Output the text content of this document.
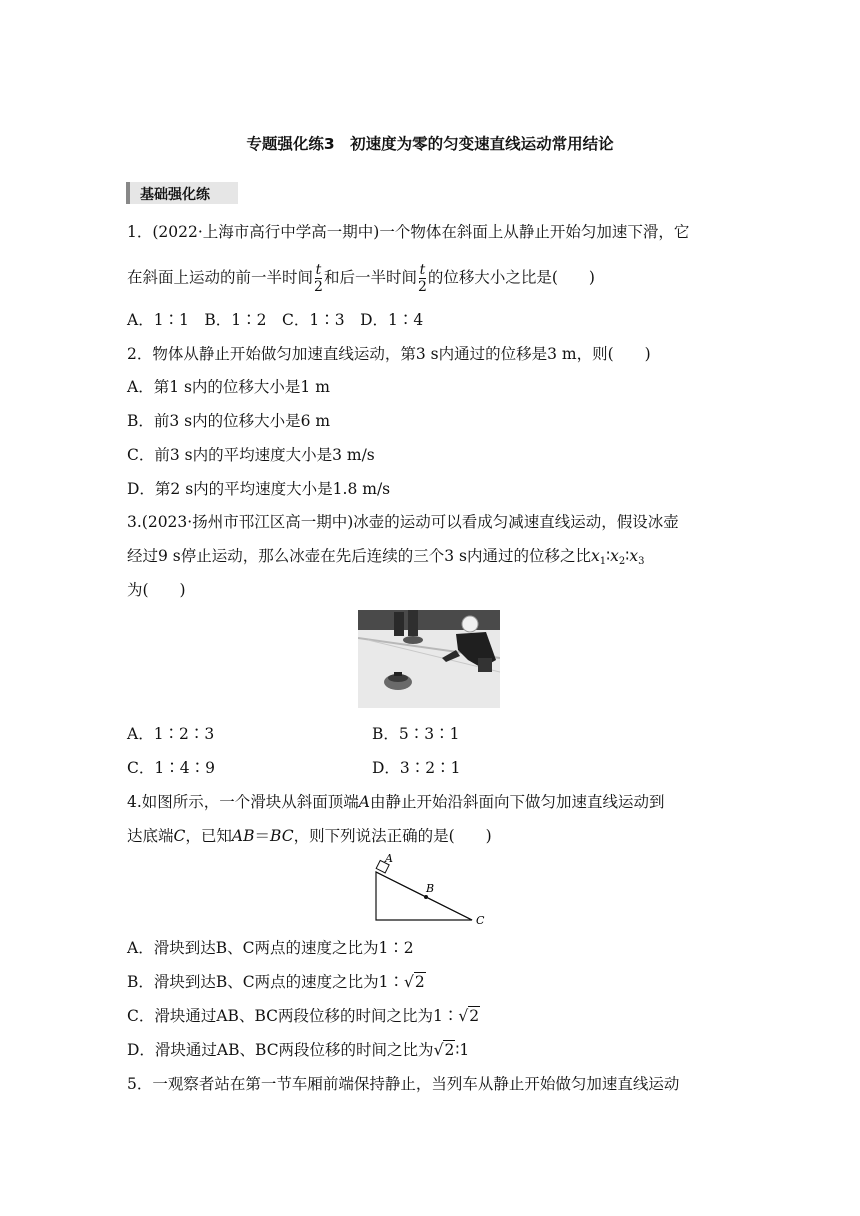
专题强化练3　初速度为零的匀变速直线运动常用结论
基础强化练
1．(2022·上海市高行中学高一期中)一个物体在斜面上从静止开始匀加速下滑，它
在斜面上运动的前一半时间 $\frac{t}{2}$ 和后一半时间 $\frac{t}{2}$ 的位移大小之比是(　　)
A．1∶1　B．1∶2　C．1∶3　D．1∶4
2．物体从静止开始做匀加速直线运动，第3 s内通过的位移是3 m，则(　　)
A．第1 s内的位移大小是1 m
B．前3 s内的位移大小是6 m
C．前3 s内的平均速度大小是3 m/s
D．第2 s内的平均速度大小是1.8 m/s
3.(2023·扬州市邗江区高一期中)冰壶的运动可以看成匀减速直线运动，假设冰壶
经过9 s停止运动，那么冰壶在先后连续的三个3 s内通过的位移之比$x_1∶x_2∶x_3$
为(　　)
A．1∶2∶3	B．5∶3∶1
C．1∶4∶9	D．3∶2∶1
4.如图所示，一个滑块从斜面顶端A由静止开始沿斜面向下做匀加速直线运动到
达底端C，已知AB＝BC，则下列说法正确的是(　　)
A
B
C
A．滑块到达B、C两点的速度之比为1∶2
B．滑块到达B、C两点的速度之比为1∶√2
C．滑块通过AB、BC两段位移的时间之比为1∶√2
D．滑块通过AB、BC两段位移的时间之比为√2∶1
5．一观察者站在第一节车厢前端保持静止，当列车从静止开始做匀加速直线运动
